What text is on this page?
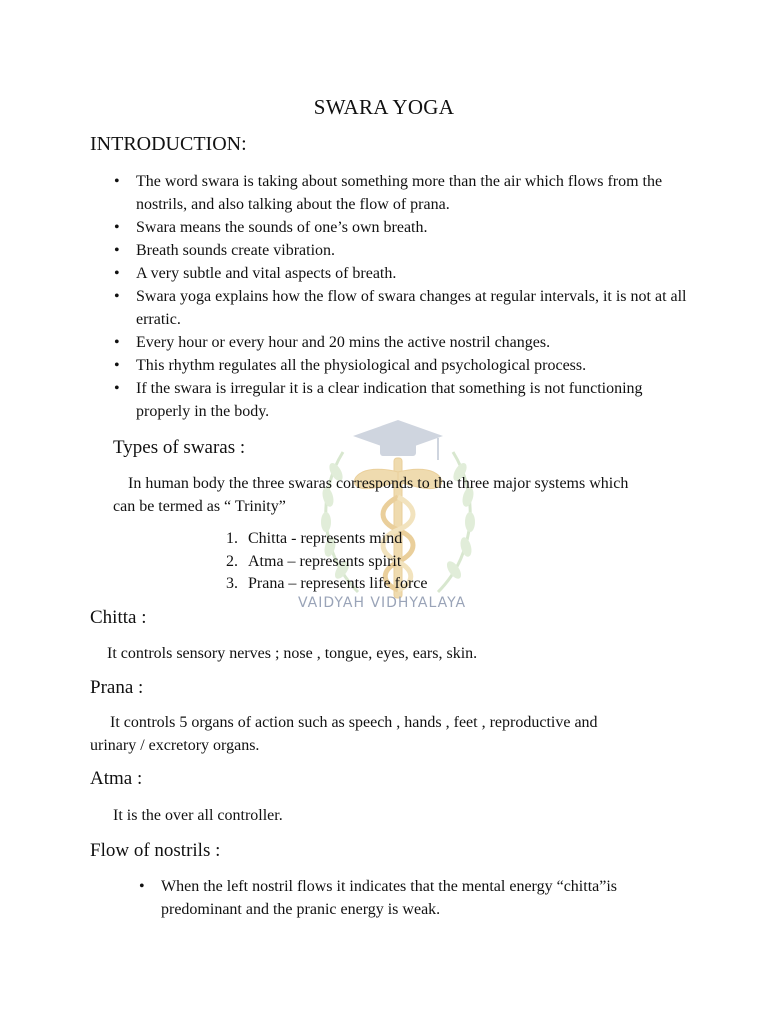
VAIDYAH VIDHYALAYA
SWARA YOGA
INTRODUCTION:
• The word swara is taking about something more than the air which flows from the nostrils, and also talking about the flow of prana.
• Swara means the sounds of one’s own breath.
• Breath sounds create vibration.
• A very subtle and vital aspects of breath.
• Swara yoga explains how the flow of swara changes at regular intervals, it is not at all erratic.
• Every hour or every hour and 20 mins the active nostril changes.
• This rhythm regulates all the physiological and psychological process.
• If the swara is irregular it is a clear indication that something is not functioning properly in the body.
Types of swaras :
In human body the three swaras corresponds to the three major systems which can be termed as “ Trinity”
1. Chitta - represents mind
2. Atma – represents spirit
3. Prana – represents life force
Chitta :
It controls sensory nerves ; nose , tongue, eyes, ears, skin.
Prana :
It controls 5 organs of action such as speech , hands , feet , reproductive and
urinary / excretory organs.
Atma :
It is the over all controller.
Flow of nostrils :
• When the left nostril flows it indicates that the mental energy “chitta”is predominant and the pranic energy is weak.
